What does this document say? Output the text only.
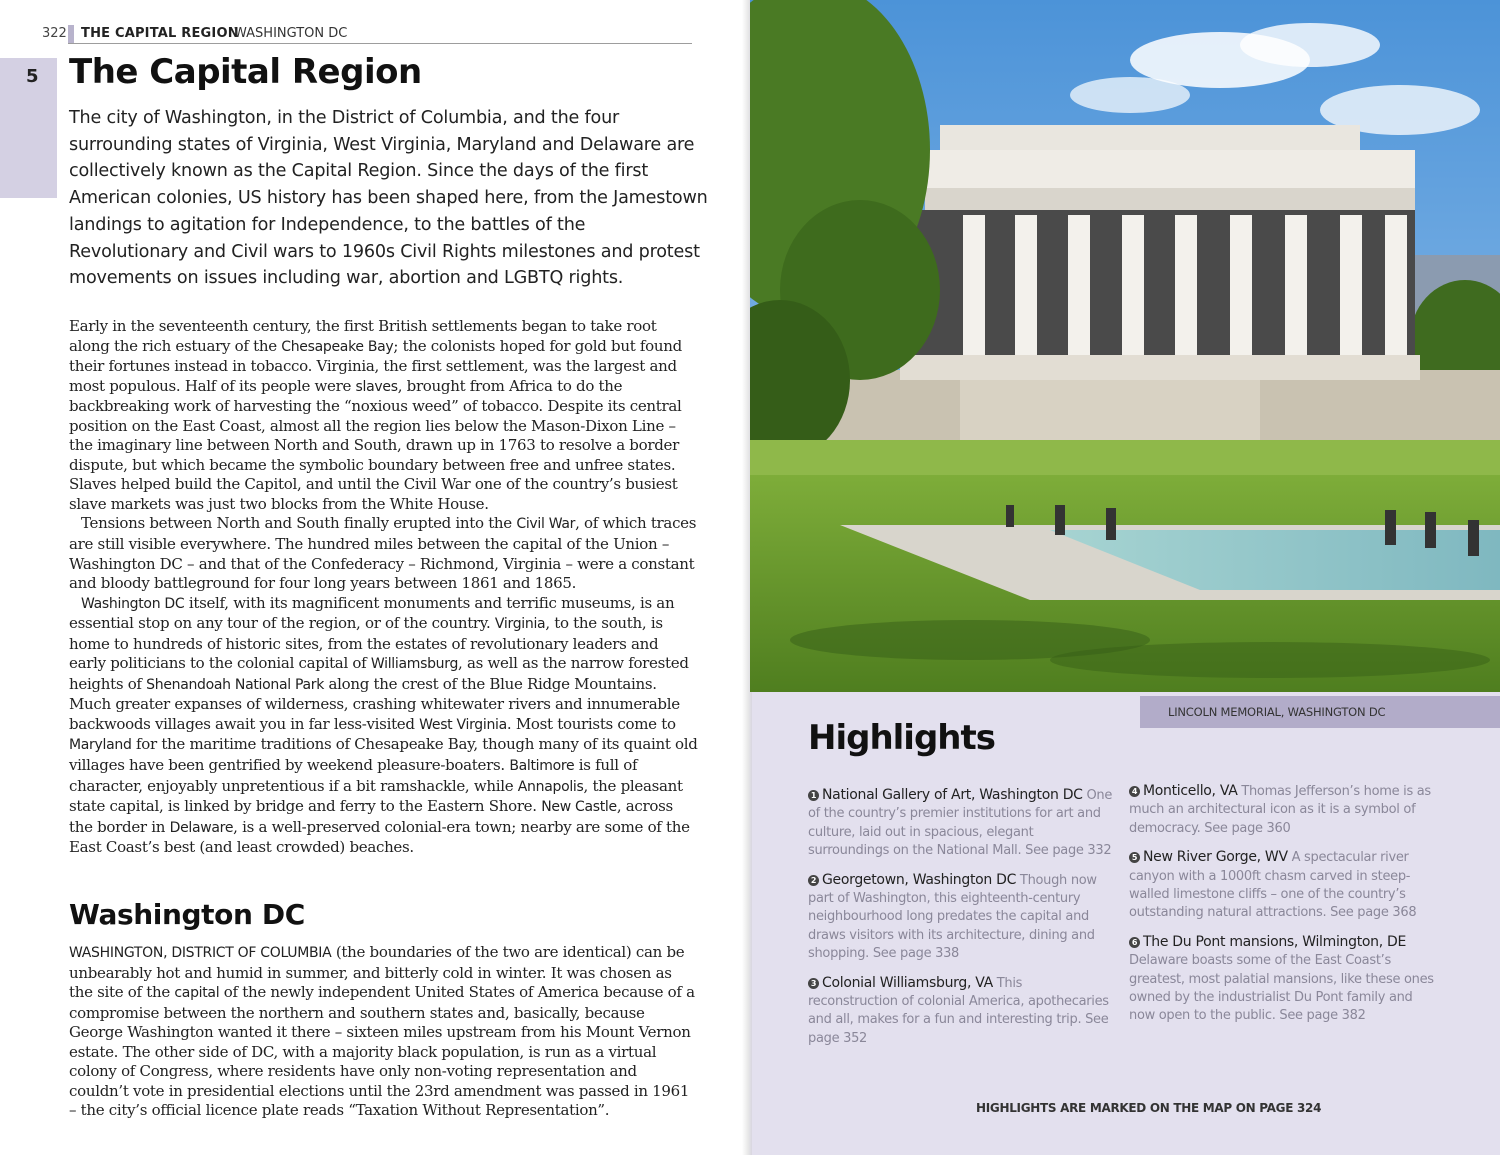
322 THE CAPITAL REGION
WASHINGTON DC
5 The Capital Region
The city of Washington, in the District of Columbia, and the four surrounding states of Virginia, West Virginia, Maryland and Delaware are collectively known as the Capital Region. Since the days of the first American colonies, US history has been shaped here, from the Jamestown landings to agitation for Independence, to the battles of the Revolutionary and Civil wars to 1960s Civil Rights milestones and protest movements on issues including war, abortion and LGBTQ rights.

Early in the seventeenth century, the first British settlements began to take root along the rich estuary of the Chesapeake Bay; the colonists hoped for gold but found their fortunes instead in tobacco. Virginia, the first settlement, was the largest and most populous. Half of its people were slaves, brought from Africa to do the backbreaking work of harvesting the “noxious weed” of tobacco. Despite its central position on the East Coast, almost all the region lies below the Mason-Dixon Line – the imaginary line between North and South, drawn up in 1763 to resolve a border dispute, but which became the symbolic boundary between free and unfree states. Slaves helped build the Capitol, and until the Civil War one of the country’s busiest slave markets was just two blocks from the White House.

Tensions between North and South finally erupted into the Civil War, of which traces are still visible everywhere. The hundred miles between the capital of the Union – Washington DC – and that of the Confederacy – Richmond, Virginia – were a constant and bloody battleground for four long years between 1861 and 1865.

Washington DC itself, with its magnificent monuments and terrific museums, is an essential stop on any tour of the region, or of the country. Virginia, to the south, is home to hundreds of historic sites, from the estates of revolutionary leaders and early politicians to the colonial capital of Williamsburg, as well as the narrow forested heights of Shenandoah National Park along the crest of the Blue Ridge Mountains. Much greater expanses of wilderness, crashing whitewater rivers and innumerable backwoods villages await you in far less-visited West Virginia. Most tourists come to Maryland for the maritime traditions of Chesapeake Bay, though many of its quaint old villages have been gentrified by weekend pleasure-boaters. Baltimore is full of character, enjoyably unpretentious if a bit ramshackle, while Annapolis, the pleasant state capital, is linked by bridge and ferry to the Eastern Shore. New Castle, across the border in Delaware, is a well-preserved colonial-era town; nearby are some of the East Coast’s best (and least crowded) beaches.

Washington DC

WASHINGTON, DISTRICT OF COLUMBIA (the boundaries of the two are identical) can be unbearably hot and humid in summer, and bitterly cold in winter. It was chosen as the site of the capital of the newly independent United States of America because of a compromise between the northern and southern states and, basically, because George Washington wanted it there – sixteen miles upstream from his Mount Vernon estate. The other side of DC, with a majority black population, is run as a virtual colony of Congress, where residents have only non-voting representation and couldn’t vote in presidential elections until the 23rd amendment was passed in 1961 – the city’s official licence plate reads “Taxation Without Representation”.

LINCOLN MEMORIAL, WASHINGTON DC
Highlights
1 National Gallery of Art, Washington DC One of the country’s premier institutions for art and culture, laid out in spacious, elegant surroundings on the National Mall. See page 332
2 Georgetown, Washington DC Though now part of Washington, this eighteenth-century neighbourhood long predates the capital and draws visitors with its architecture, dining and shopping. See page 338
3 Colonial Williamsburg, VA This reconstruction of colonial America, apothecaries and all, makes for a fun and interesting trip. See page 352
4 Monticello, VA Thomas Jefferson’s home is as much an architectural icon as it is a symbol of democracy. See page 360
5 New River Gorge, WV A spectacular river canyon with a 1000ft chasm carved in steep-walled limestone cliffs – one of the country’s outstanding natural attractions. See page 368
6 The Du Pont mansions, Wilmington, DE Delaware boasts some of the East Coast’s greatest, most palatial mansions, like these ones owned by the industrialist Du Pont family and now open to the public. See page 382
HIGHLIGHTS ARE MARKED ON THE MAP ON PAGE 324
